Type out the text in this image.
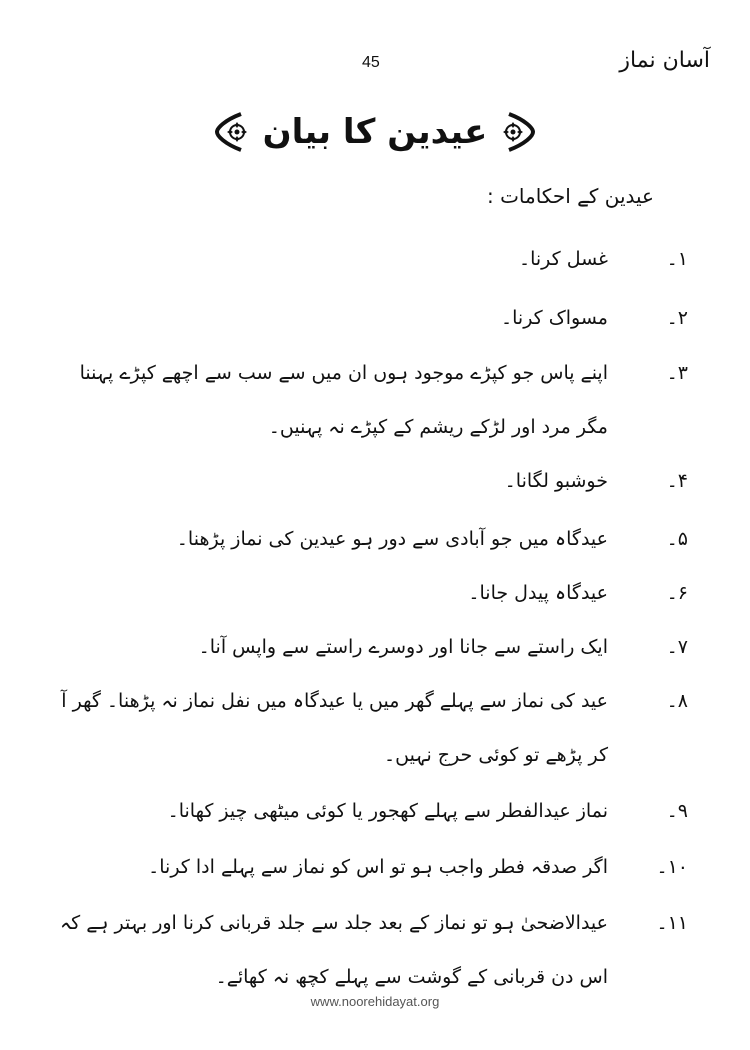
آسان نماز
45
عیدین کا بیان
عیدین کے احکامات :
۱۔
غسل کرنا۔
۲۔
مسواک کرنا۔
۳۔
اپنے پاس جو کپڑے موجود ہوں ان میں سے سب سے اچھے کپڑے پہننا مگر مرد اور لڑکے ریشم کے کپڑے نہ پہنیں۔
۴۔
خوشبو لگانا۔
۵۔
عیدگاہ میں جو آبادی سے دور ہو عیدین کی نماز پڑھنا۔
۶۔
عیدگاہ پیدل جانا۔
۷۔
ایک راستے سے جانا اور دوسرے راستے سے واپس آنا۔
۸۔
عید کی نماز سے پہلے گھر میں یا عیدگاہ میں نفل نماز نہ پڑھنا۔ گھر آ کر پڑھے تو کوئی حرج نہیں۔
۹۔
نماز عیدالفطر سے پہلے کھجور یا کوئی میٹھی چیز کھانا۔
۱۰۔
اگر صدقہ فطر واجب ہو تو اس کو نماز سے پہلے ادا کرنا۔
۱۱۔
عیدالاضحیٰ ہو تو نماز کے بعد جلد سے جلد قربانی کرنا اور بہتر ہے کہ اس دن قربانی کے گوشت سے پہلے کچھ نہ کھائے۔
www.noorehidayat.org
